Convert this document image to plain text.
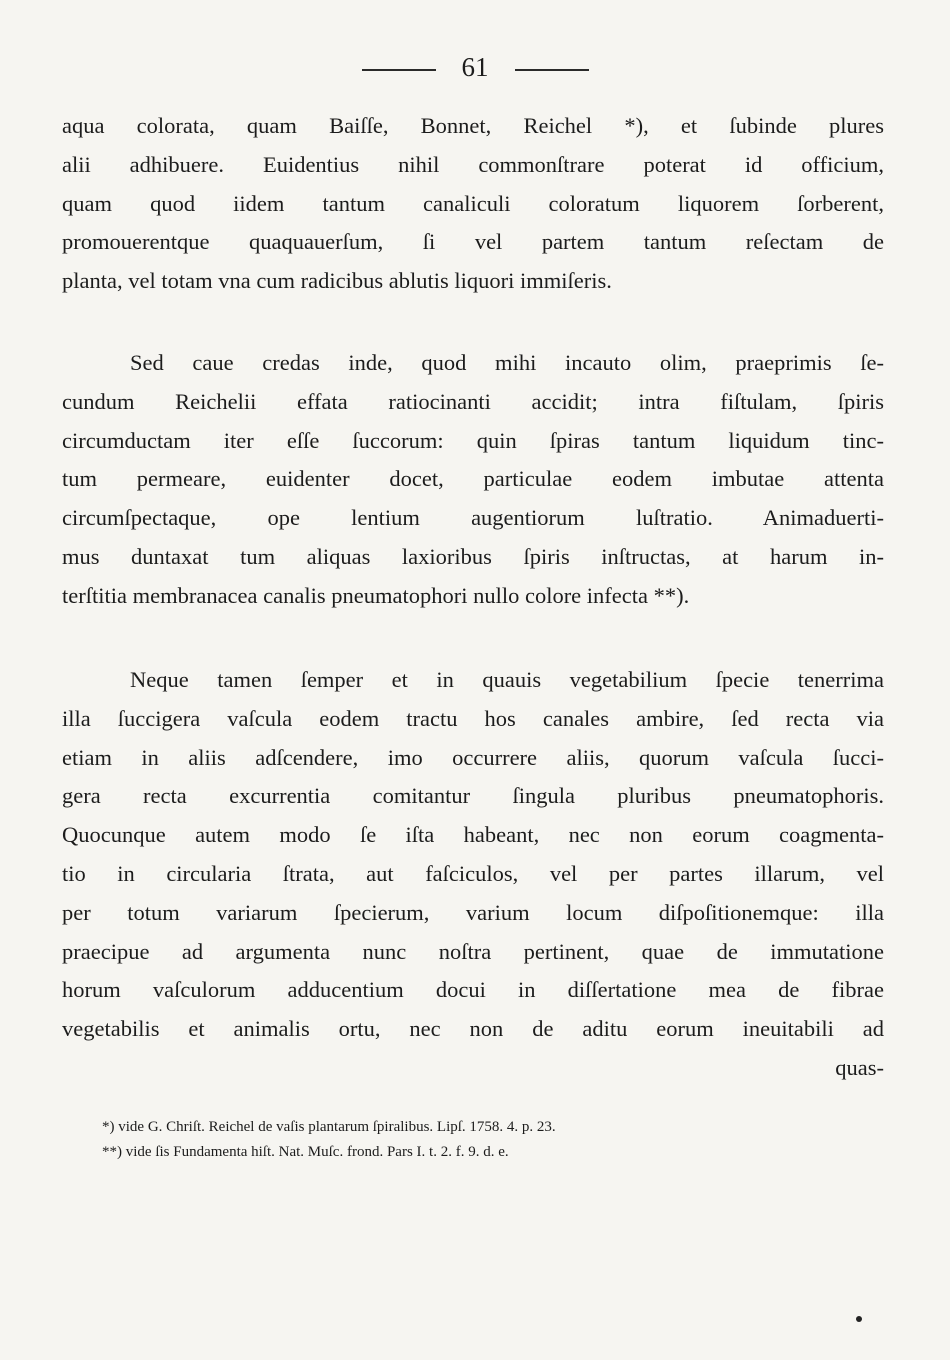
61
aqua colorata, quam Baiſſe, Bonnet, Reichel *), et ſubinde plures
alii adhibuere. Euidentius nihil commonſtrare poterat id officium,
quam quod iidem tantum canaliculi coloratum liquorem ſorberent,
promouerentque quaquauerſum, ſi vel partem tantum reſectam de
planta, vel totam vna cum radicibus ablutis liquori immiſeris.
Sed caue credas inde, quod mihi incauto olim, praeprimis ſe-
cundum Reichelii effata ratiocinanti accidit; intra fiſtulam, ſpiris
circumductam iter eſſe ſuccorum: quin ſpiras tantum liquidum tinc-
tum permeare, euidenter docet, particulae eodem imbutae attenta
circumſpectaque, ope lentium augentiorum luſtratio. Animaduerti-
mus duntaxat tum aliquas laxioribus ſpiris inſtructas, at harum in-
terſtitia membranacea canalis pneumatophori nullo colore infecta **).
Neque tamen ſemper et in quauis vegetabilium ſpecie tenerrima
illa ſuccigera vaſcula eodem tractu hos canales ambire, ſed recta via
etiam in aliis adſcendere, imo occurrere aliis, quorum vaſcula ſucci-
gera recta excurrentia comitantur ſingula pluribus pneumatophoris.
Quocunque autem modo ſe iſta habeant, nec non eorum coagmenta-
tio in circularia ſtrata, aut faſciculos, vel per partes illarum, vel
per totum variarum ſpecierum, varium locum diſpoſitionemque: illa
praecipue ad argumenta nunc noſtra pertinent, quae de immutatione
horum vaſculorum adducentium docui in diſſertatione mea de fibrae
vegetabilis et animalis ortu, nec non de aditu eorum ineuitabili ad
quas-
*) vide G. Chriſt. Reichel de vaſis plantarum ſpiralibus. Lipſ. 1758. 4. p. 23.
**) vide ſis Fundamenta hiſt. Nat. Muſc. frond. Pars I. t. 2. f. 9. d. e.
